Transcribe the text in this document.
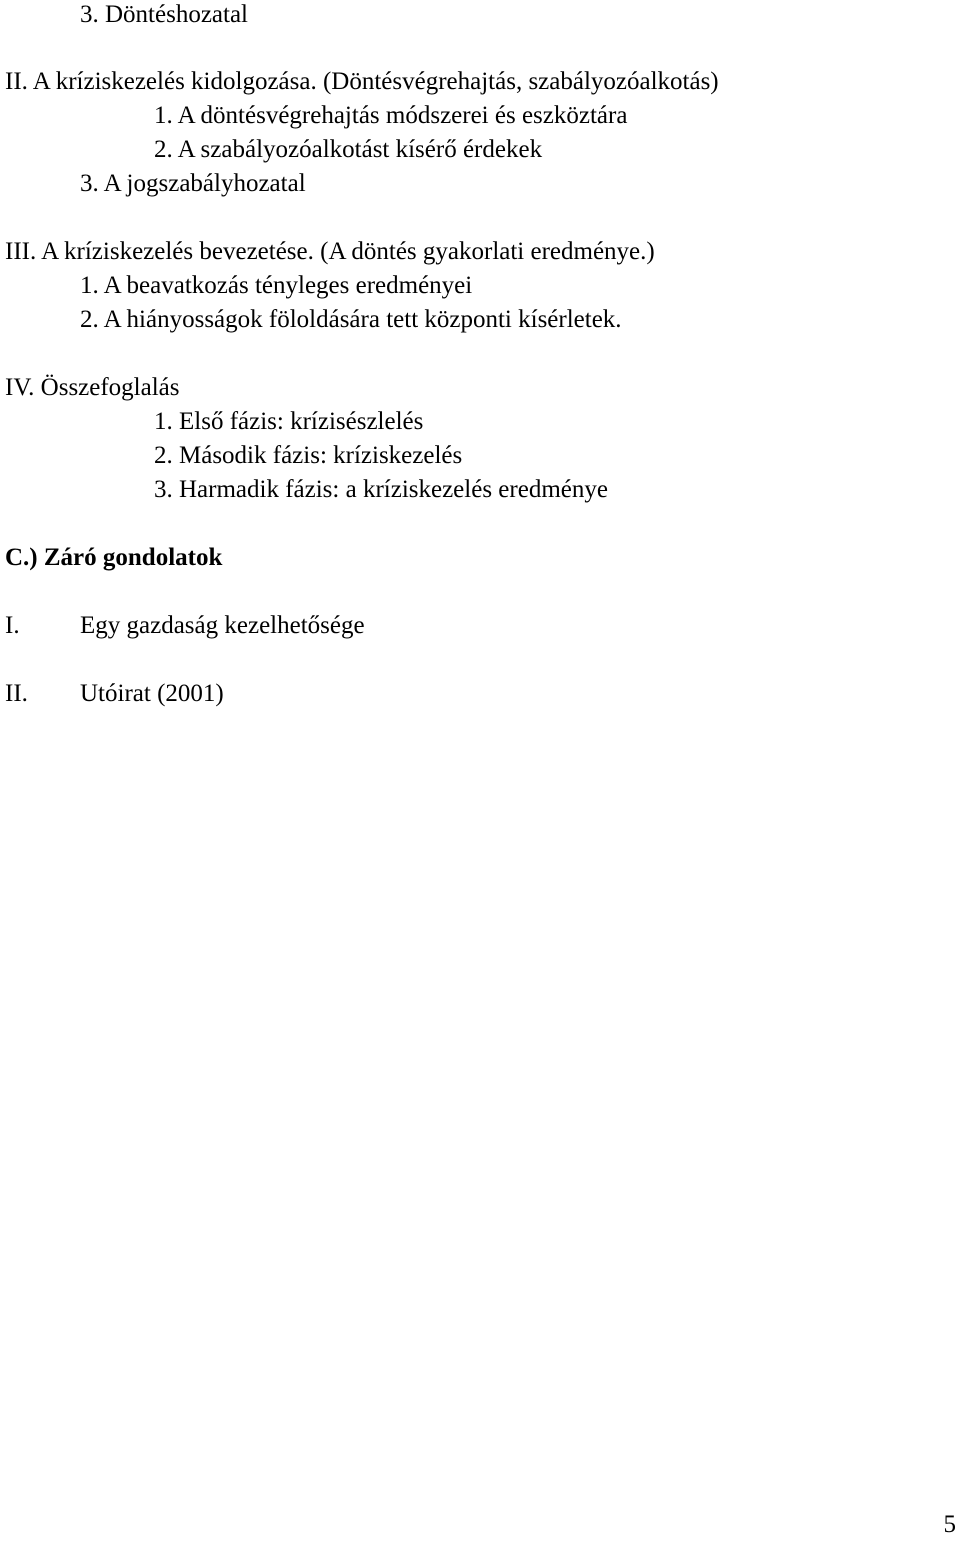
3. Döntéshozatal
II. A kríziskezelés kidolgozása. (Döntésvégrehajtás, szabályozóalkotás)
1. A döntésvégrehajtás módszerei és eszköztára
2. A szabályozóalkotást kísérő érdekek
3. A jogszabályhozatal
III. A kríziskezelés bevezetése. (A döntés gyakorlati eredménye.)
1. A beavatkozás tényleges eredményei
2. A hiányosságok föloldására tett központi kísérletek.
IV. Összefoglalás
1. Első fázis: krízisészlelés
2. Második fázis: kríziskezelés
3. Harmadik fázis: a kríziskezelés eredménye
C.) Záró gondolatok
I. Egy gazdaság kezelhetősége
II. Utóirat (2001)
5
